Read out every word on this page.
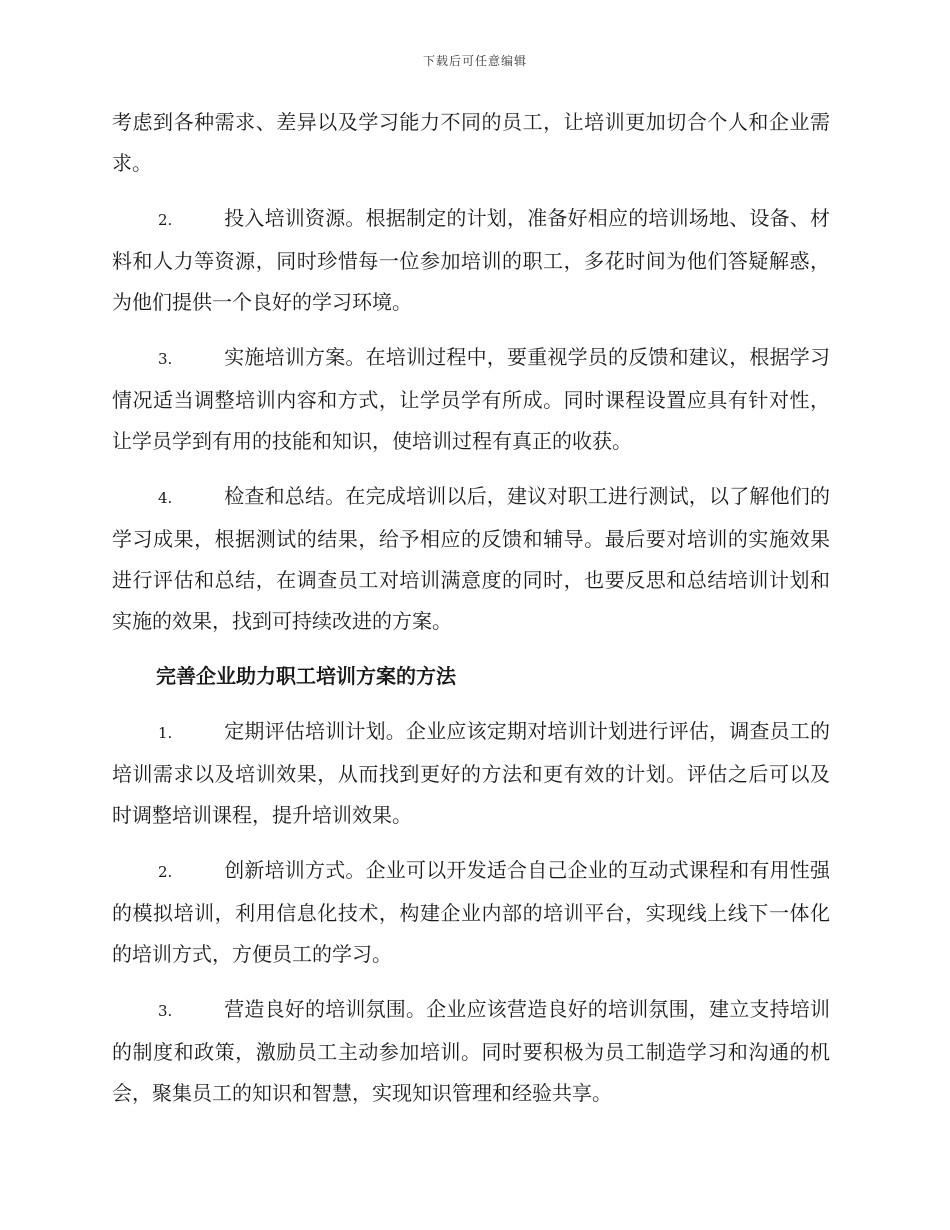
下载后可任意编辑

考虑到各种需求、差异以及学习能力不同的员工，让培训更加切合个人和企业需求。

2.	投入培训资源。根据制定的计划，准备好相应的培训场地、设备、材料和人力等资源，同时珍惜每一位参加培训的职工，多花时间为他们答疑解惑，为他们提供一个良好的学习环境。

3.	实施培训方案。在培训过程中，要重视学员的反馈和建议，根据学习情况适当调整培训内容和方式，让学员学有所成。同时课程设置应具有针对性，让学员学到有用的技能和知识，使培训过程有真正的收获。

4.	检查和总结。在完成培训以后，建议对职工进行测试，以了解他们的学习成果，根据测试的结果，给予相应的反馈和辅导。最后要对培训的实施效果进行评估和总结，在调查员工对培训满意度的同时，也要反思和总结培训计划和实施的效果，找到可持续改进的方案。

完善企业助力职工培训方案的方法

1.	定期评估培训计划。企业应该定期对培训计划进行评估，调查员工的培训需求以及培训效果，从而找到更好的方法和更有效的计划。评估之后可以及时调整培训课程，提升培训效果。

2.	创新培训方式。企业可以开发适合自己企业的互动式课程和有用性强的模拟培训，利用信息化技术，构建企业内部的培训平台，实现线上线下一体化的培训方式，方便员工的学习。

3.	营造良好的培训氛围。企业应该营造良好的培训氛围，建立支持培训的制度和政策，激励员工主动参加培训。同时要积极为员工制造学习和沟通的机会，聚集员工的知识和智慧，实现知识管理和经验共享。
